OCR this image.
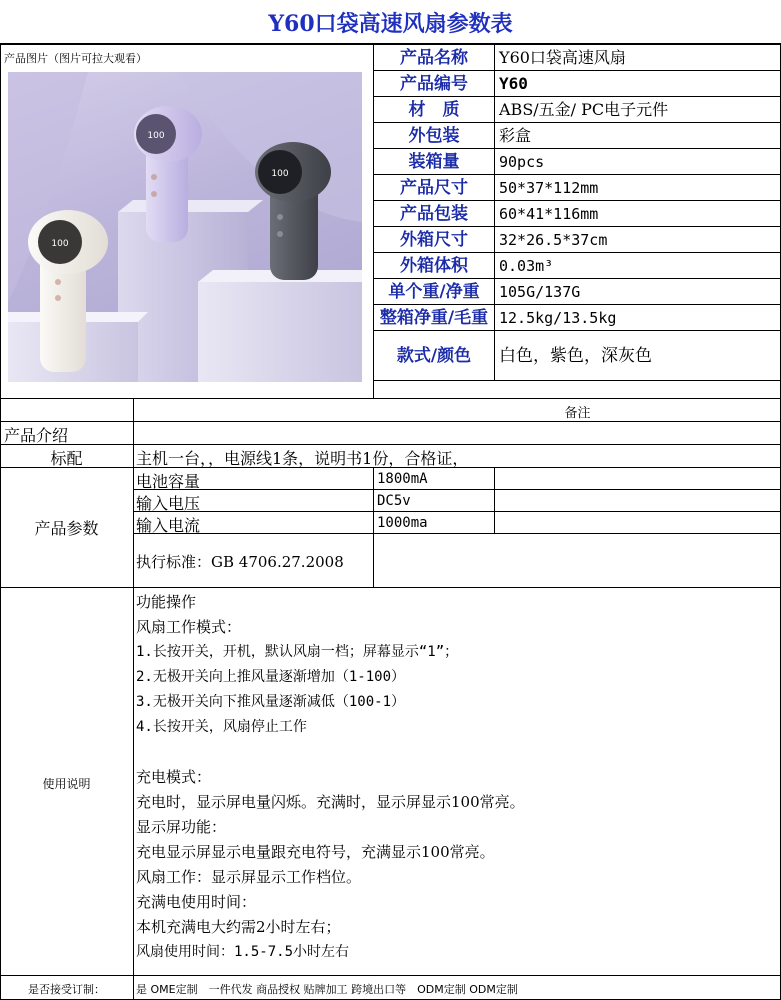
Y60口袋高速风扇参数表
产品图片（图片可拉大观看）
100
100
100
产品名称	Y60口袋高速风扇
产品编号	Y60
材　质	ABS/五金/ PC电子元件
外包装	彩盒
装箱量	90pcs
产品尺寸	50*37*112mm
产品包装	60*41*116mm
外箱尺寸	32*26.5*37cm
外箱体积	0.03m³
单个重/净重	105G/137G
整箱净重/毛重 12.5kg/13.5kg
款式/颜色	白色，紫色，深灰色
备注
产品介绍
标配	主机一台，，电源线1条，说明书1份，合格证，
产品参数
电池容量	1800mA
输入电压	DC5v
输入电流	1000ma
执行标准：GB 4706.27.2008
使用说明
功能操作
风扇工作模式：
1.长按开关，开机，默认风扇一档；屏幕显示“1”；
2.无极开关向上推风量逐渐增加（1-100）
3.无极开关向下推风量逐渐减低（100-1）
4.长按开关，风扇停止工作
充电模式：
充电时，显示屏电量闪烁。充满时，显示屏显示100常亮。
显示屏功能：
充电显示屏显示电量跟充电符号，充满显示100常亮。
风扇工作：显示屏显示工作档位。
充满电使用时间：
本机充满电大约需2小时左右；
风扇使用时间：1.5-7.5小时左右
是否接受订制：	是 OME定制　一件代发 商品授权 贴牌加工 跨境出口等　ODM定制 ODM定制
